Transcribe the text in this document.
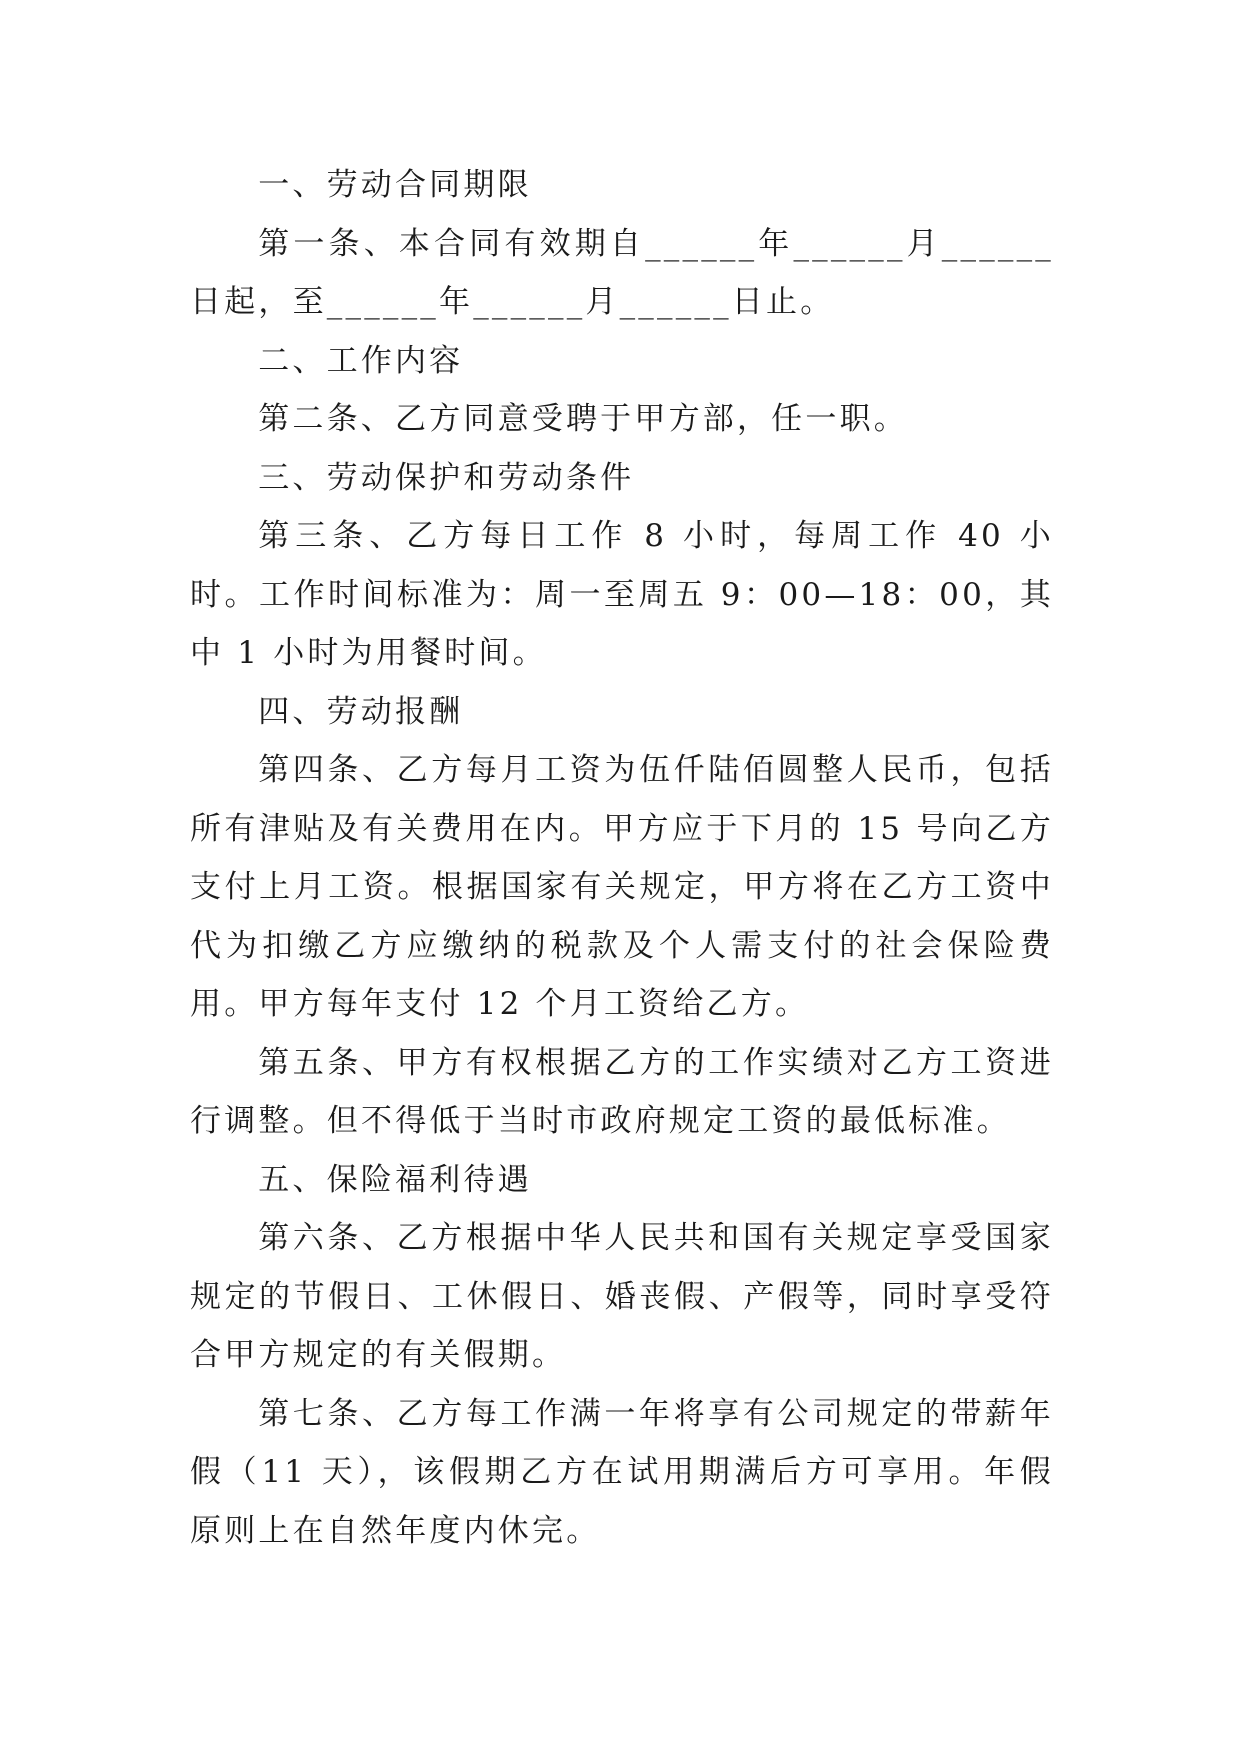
一、劳动合同期限

第一条、本合同有效期自______年______月______日起，至______年______月______日止。

二、工作内容

第二条、乙方同意受聘于甲方部，任一职。

三、劳动保护和劳动条件

第三条、乙方每日工作 8 小时，每周工作 40 小时。工作时间标准为：周一至周五 9：00—18：00，其中 1 小时为用餐时间。

四、劳动报酬

第四条、乙方每月工资为伍仟陆佰圆整人民币，包括所有津贴及有关费用在内。甲方应于下月的 15 号向乙方支付上月工资。根据国家有关规定，甲方将在乙方工资中代为扣缴乙方应缴纳的税款及个人需支付的社会保险费用。甲方每年支付 12 个月工资给乙方。

第五条、甲方有权根据乙方的工作实绩对乙方工资进行调整。但不得低于当时市政府规定工资的最低标准。

五、保险福利待遇

第六条、乙方根据中华人民共和国有关规定享受国家规定的节假日、工休假日、婚丧假、产假等，同时享受符合甲方规定的有关假期。

第七条、乙方每工作满一年将享有公司规定的带薪年假（11 天），该假期乙方在试用期满后方可享用。年假原则上在自然年度内休完。
